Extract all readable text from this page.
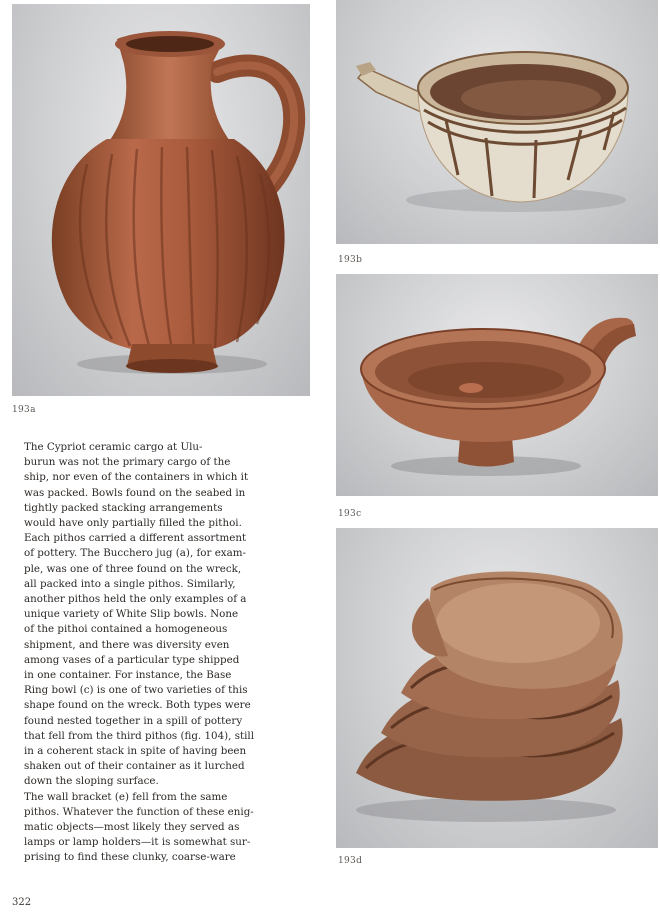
193a
193b
193c
193d

The Cypriot ceramic cargo at Ulu-
burun was not the primary cargo of the
ship, nor even of the containers in which it
was packed. Bowls found on the seabed in
tightly packed stacking arrangements
would have only partially filled the pithoi.
Each pithos carried a different assortment
of pottery. The Bucchero jug (a), for exam-
ple, was one of three found on the wreck,
all packed into a single pithos. Similarly,
another pithos held the only examples of a
unique variety of White Slip bowls. None
of the pithoi contained a homogeneous
shipment, and there was diversity even
among vases of a particular type shipped
in one container. For instance, the Base
Ring bowl (c) is one of two varieties of this
shape found on the wreck. Both types were
found nested together in a spill of pottery
that fell from the third pithos (fig. 104), still
in a coherent stack in spite of having been
shaken out of their container as it lurched
down the sloping surface.

The wall bracket (e) fell from the same
pithos. Whatever the function of these enig-
matic objects—most likely they served as
lamps or lamp holders—it is somewhat sur-
prising to find these clunky, coarse-ware

322
